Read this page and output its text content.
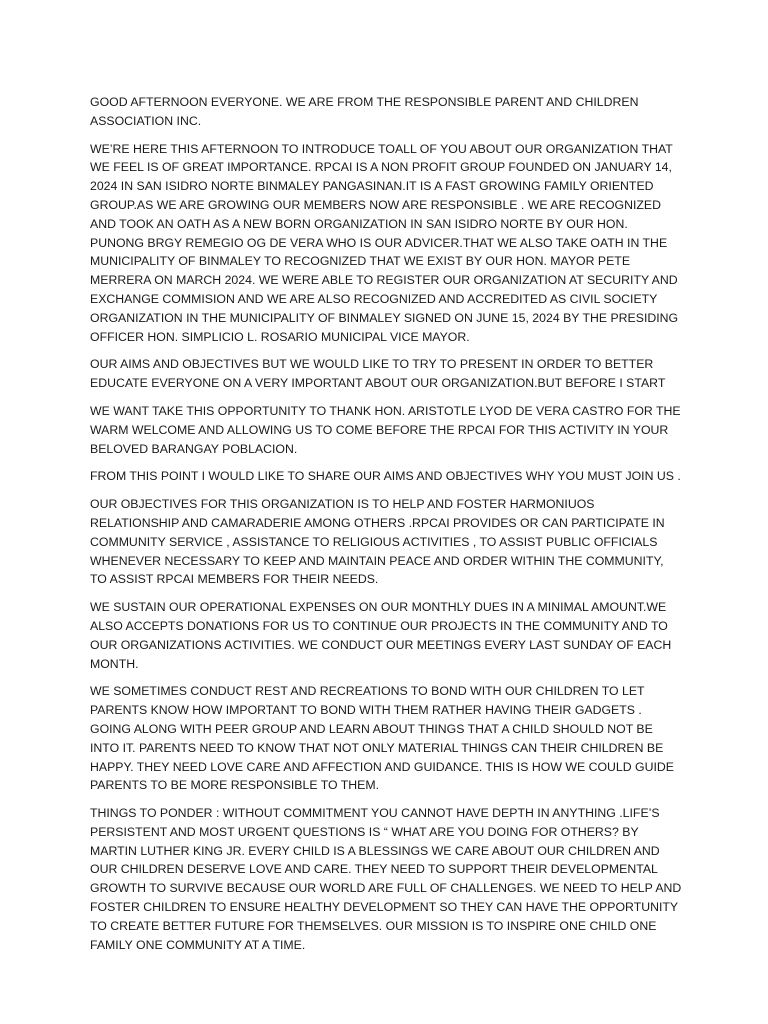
GOOD AFTERNOON EVERYONE. WE ARE FROM THE RESPONSIBLE PARENT AND CHILDREN ASSOCIATION INC.

WE’RE HERE THIS AFTERNOON TO INTRODUCE TOALL OF YOU ABOUT OUR ORGANIZATION THAT WE FEEL IS OF GREAT IMPORTANCE. RPCAI IS A NON PROFIT GROUP FOUNDED ON JANUARY 14, 2024 IN SAN ISIDRO NORTE BINMALEY PANGASINAN.IT IS A FAST GROWING FAMILY ORIENTED GROUP.AS WE ARE GROWING OUR MEMBERS NOW ARE RESPONSIBLE . WE ARE RECOGNIZED AND TOOK AN OATH AS A NEW BORN ORGANIZATION IN SAN ISIDRO NORTE BY OUR HON. PUNONG BRGY REMEGIO OG DE VERA WHO IS OUR ADVICER.THAT WE ALSO TAKE OATH IN THE MUNICIPALITY OF BINMALEY TO RECOGNIZED THAT WE EXIST BY OUR HON. MAYOR PETE MERRERA ON MARCH 2024. WE WERE ABLE TO REGISTER OUR ORGANIZATION AT SECURITY AND EXCHANGE COMMISION AND WE ARE ALSO RECOGNIZED AND ACCREDITED AS CIVIL SOCIETY ORGANIZATION IN THE MUNICIPALITY OF BINMALEY SIGNED ON JUNE 15, 2024 BY THE PRESIDING OFFICER HON. SIMPLICIO L. ROSARIO MUNICIPAL VICE MAYOR.

OUR AIMS AND OBJECTIVES BUT WE WOULD LIKE TO TRY TO PRESENT IN ORDER TO BETTER EDUCATE EVERYONE ON A VERY IMPORTANT ABOUT OUR ORGANIZATION.BUT BEFORE I START

WE WANT TAKE THIS OPPORTUNITY TO THANK HON. ARISTOTLE LYOD DE VERA CASTRO FOR THE WARM WELCOME AND ALLOWING US TO COME BEFORE THE RPCAI FOR THIS ACTIVITY IN YOUR BELOVED BARANGAY POBLACION.

FROM THIS POINT I WOULD LIKE TO SHARE OUR AIMS AND OBJECTIVES WHY YOU MUST JOIN US .

OUR OBJECTIVES FOR THIS ORGANIZATION IS TO HELP AND FOSTER HARMONIUOS RELATIONSHIP AND CAMARADERIE AMONG OTHERS .RPCAI PROVIDES OR CAN PARTICIPATE IN COMMUNITY SERVICE , ASSISTANCE TO RELIGIOUS ACTIVITIES , TO ASSIST PUBLIC OFFICIALS WHENEVER NECESSARY TO KEEP AND MAINTAIN PEACE AND ORDER WITHIN THE COMMUNITY, TO ASSIST RPCAI MEMBERS FOR THEIR NEEDS.

WE SUSTAIN OUR OPERATIONAL EXPENSES ON OUR MONTHLY DUES IN A MINIMAL AMOUNT.WE ALSO ACCEPTS DONATIONS FOR US TO CONTINUE OUR PROJECTS IN THE COMMUNITY AND TO OUR ORGANIZATIONS ACTIVITIES. WE CONDUCT OUR MEETINGS EVERY LAST SUNDAY OF EACH MONTH.

WE SOMETIMES CONDUCT REST AND RECREATIONS TO BOND WITH OUR CHILDREN TO LET PARENTS KNOW HOW IMPORTANT TO BOND WITH THEM RATHER HAVING THEIR GADGETS . GOING ALONG WITH PEER GROUP AND LEARN ABOUT THINGS THAT A CHILD SHOULD NOT BE INTO IT. PARENTS NEED TO KNOW THAT NOT ONLY MATERIAL THINGS CAN THEIR CHILDREN BE HAPPY. THEY NEED LOVE CARE AND AFFECTION AND GUIDANCE. THIS IS HOW WE COULD GUIDE PARENTS TO BE MORE RESPONSIBLE TO THEM.

THINGS TO PONDER : WITHOUT COMMITMENT YOU CANNOT HAVE DEPTH IN ANYTHING .LIFE’S PERSISTENT AND MOST URGENT QUESTIONS IS “ WHAT ARE YOU DOING FOR OTHERS? BY MARTIN LUTHER KING JR. EVERY CHILD IS A BLESSINGS WE CARE ABOUT OUR CHILDREN AND OUR CHILDREN DESERVE LOVE AND CARE. THEY NEED TO SUPPORT THEIR DEVELOPMENTAL GROWTH TO SURVIVE BECAUSE OUR WORLD ARE FULL OF CHALLENGES. WE NEED TO HELP AND FOSTER CHILDREN TO ENSURE HEALTHY DEVELOPMENT SO THEY CAN HAVE THE OPPORTUNITY TO CREATE BETTER FUTURE FOR THEMSELVES. OUR MISSION IS TO INSPIRE ONE CHILD ONE FAMILY ONE COMMUNITY AT A TIME.
